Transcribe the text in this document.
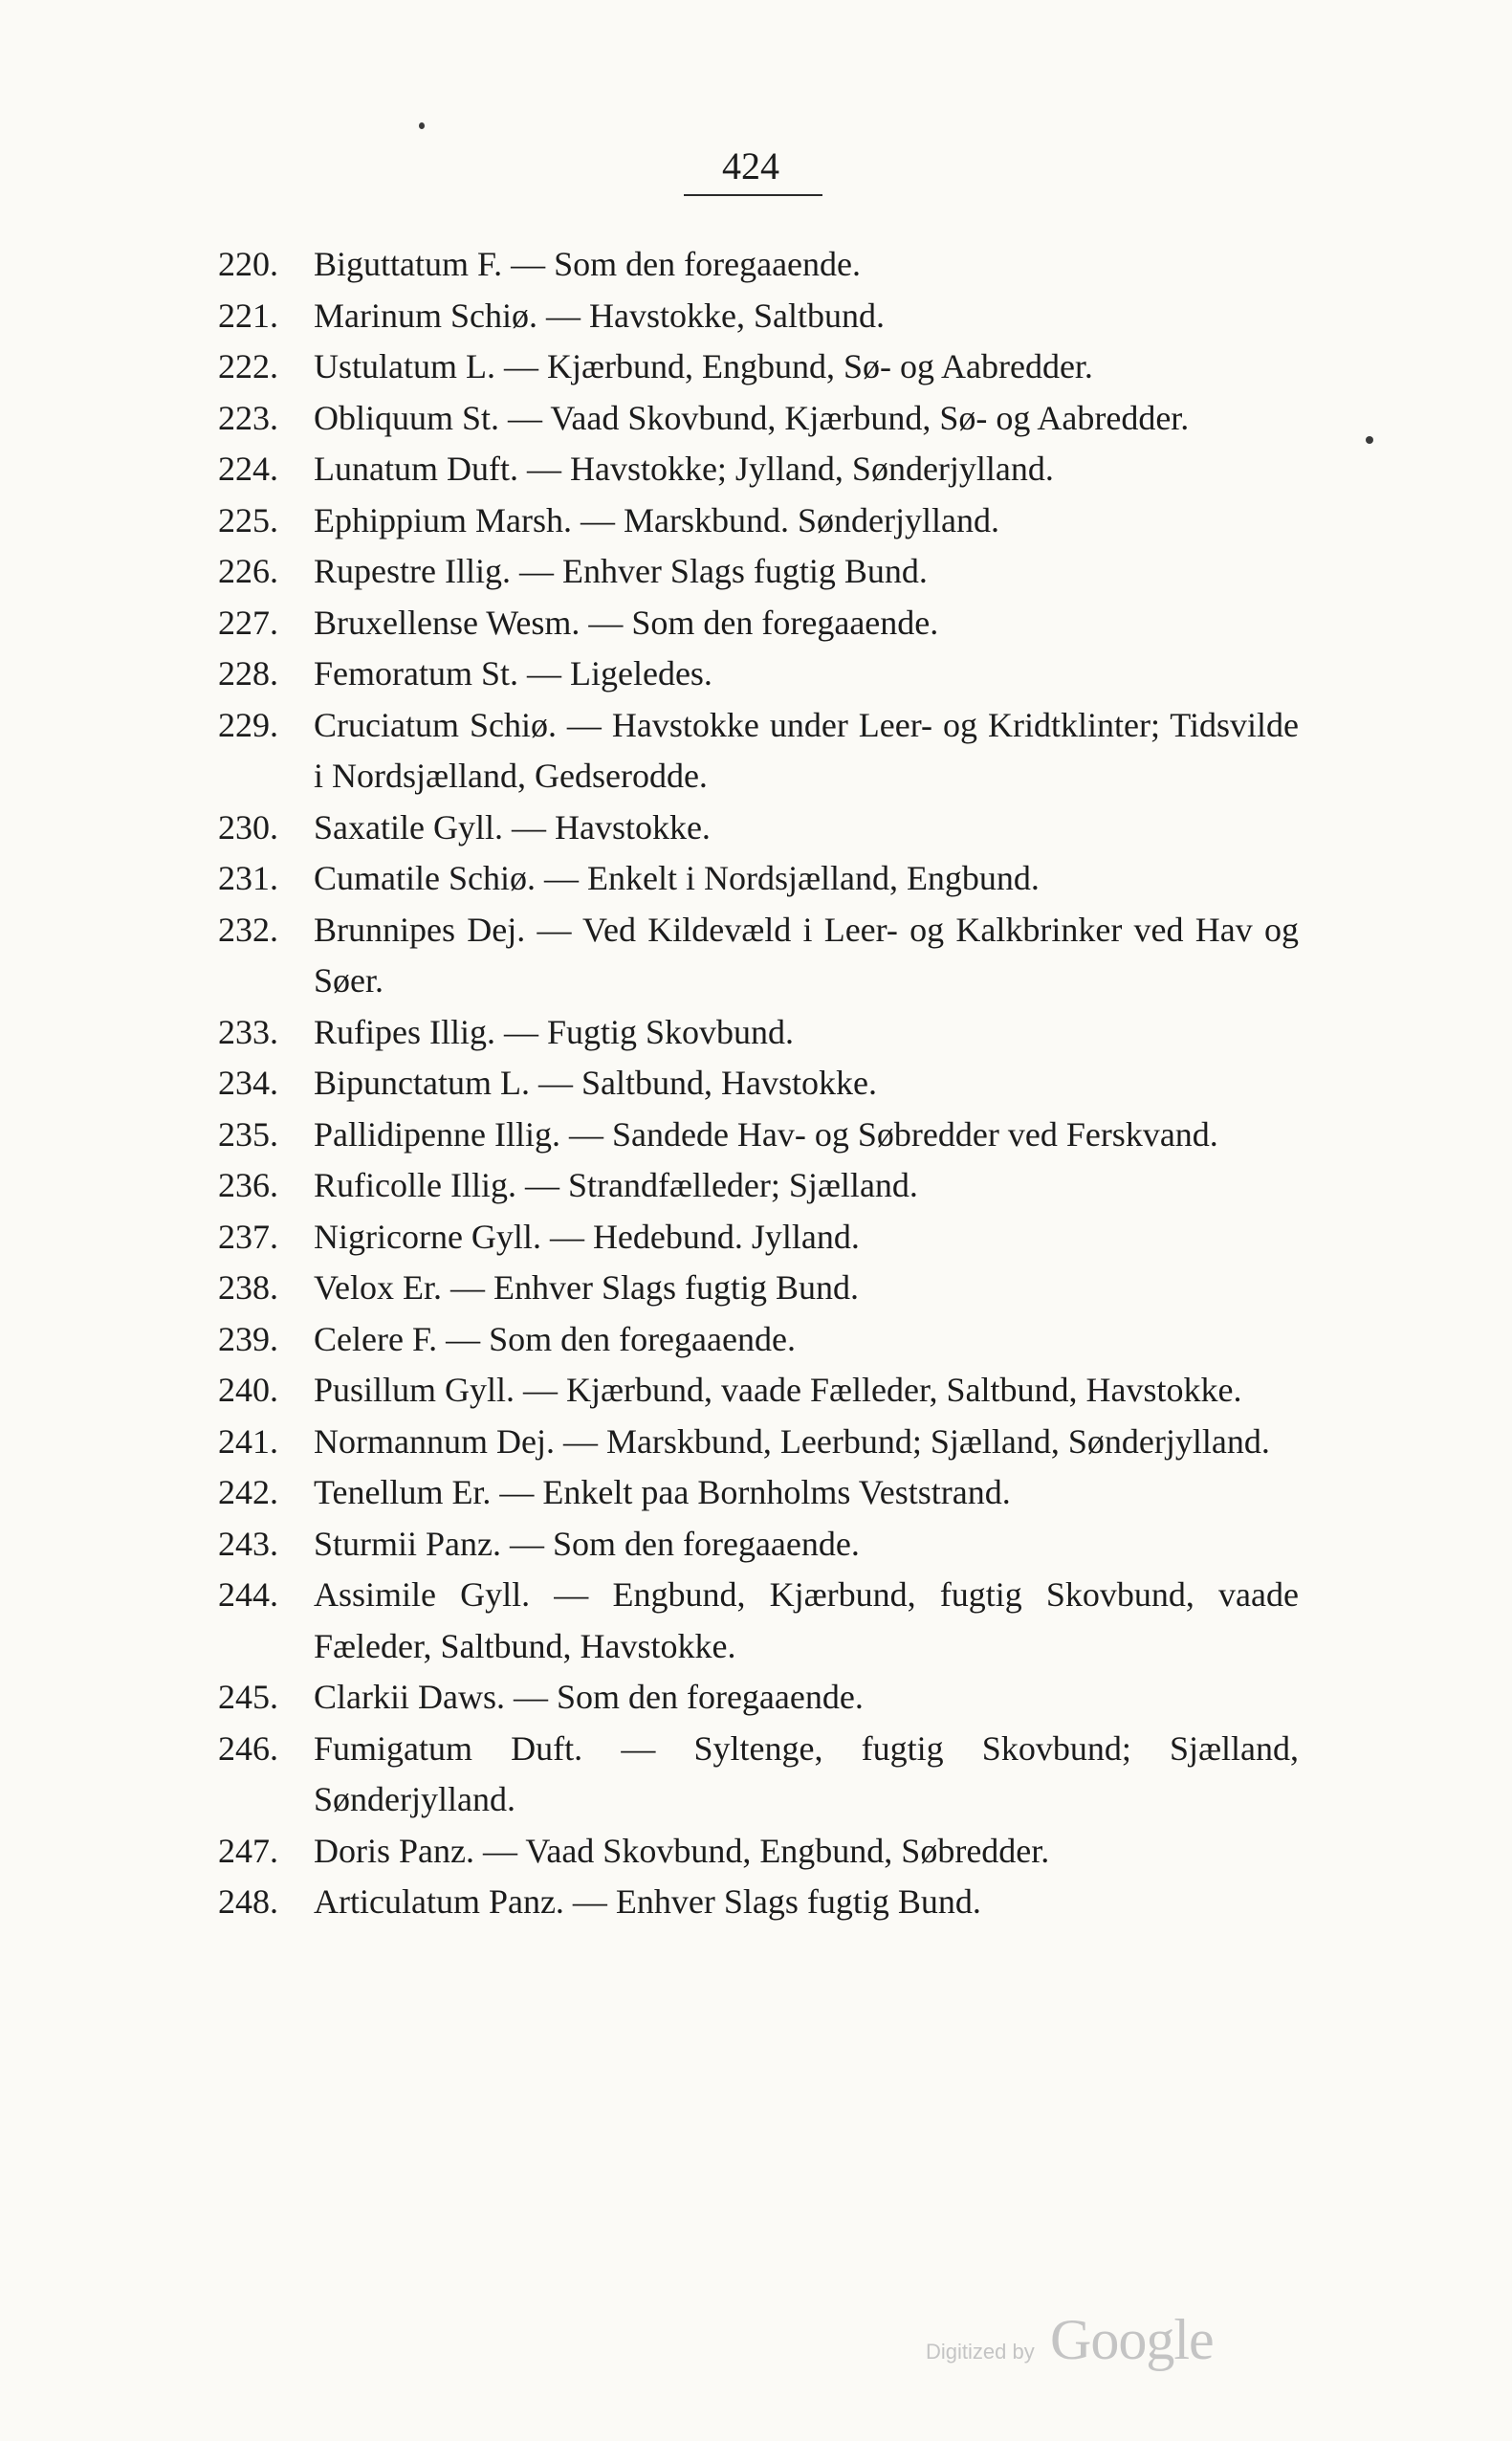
424
220. Biguttatum F. — Som den foregaaende.
221. Marinum Schiø. — Havstokke, Saltbund.
222. Ustulatum L. — Kjærbund, Engbund, Sø- og Aabredder.
223. Obliquum St. — Vaad Skovbund, Kjærbund, Sø- og Aabredder.
224. Lunatum Duft. — Havstokke; Jylland, Sønderjylland.
225. Ephippium Marsh. — Marskbund. Sønderjylland.
226. Rupestre Illig. — Enhver Slags fugtig Bund.
227. Bruxellense Wesm. — Som den foregaaende.
228. Femoratum St. — Ligeledes.
229. Cruciatum Schiø. — Havstokke under Leer- og Kridtklinter; Tidsvilde i Nordsjælland, Gedserodde.
230. Saxatile Gyll. — Havstokke.
231. Cumatile Schiø. — Enkelt i Nordsjælland, Engbund.
232. Brunnipes Dej. — Ved Kildevæld i Leer- og Kalkbrinker ved Hav og Søer.
233. Rufipes Illig. — Fugtig Skovbund.
234. Bipunctatum L. — Saltbund, Havstokke.
235. Pallidipenne Illig. — Sandede Hav- og Søbredder ved Ferskvand.
236. Ruficolle Illig. — Strandfælleder; Sjælland.
237. Nigricorne Gyll. — Hedebund. Jylland.
238. Velox Er. — Enhver Slags fugtig Bund.
239. Celere F. — Som den foregaaende.
240. Pusillum Gyll. — Kjærbund, vaade Fælleder, Saltbund, Havstokke.
241. Normannum Dej. — Marskbund, Leerbund; Sjælland, Sønderjylland.
242. Tenellum Er. — Enkelt paa Bornholms Veststrand.
243. Sturmii Panz. — Som den foregaaende.
244. Assimile Gyll. — Engbund, Kjærbund, fugtig Skovbund, vaade Fæleder, Saltbund, Havstokke.
245. Clarkii Daws. — Som den foregaaende.
246. Fumigatum Duft. — Syltenge, fugtig Skovbund; Sjælland, Sønderjylland.
247. Doris Panz. — Vaad Skovbund, Engbund, Søbredder.
248. Articulatum Panz. — Enhver Slags fugtig Bund.
Digitized by Google
